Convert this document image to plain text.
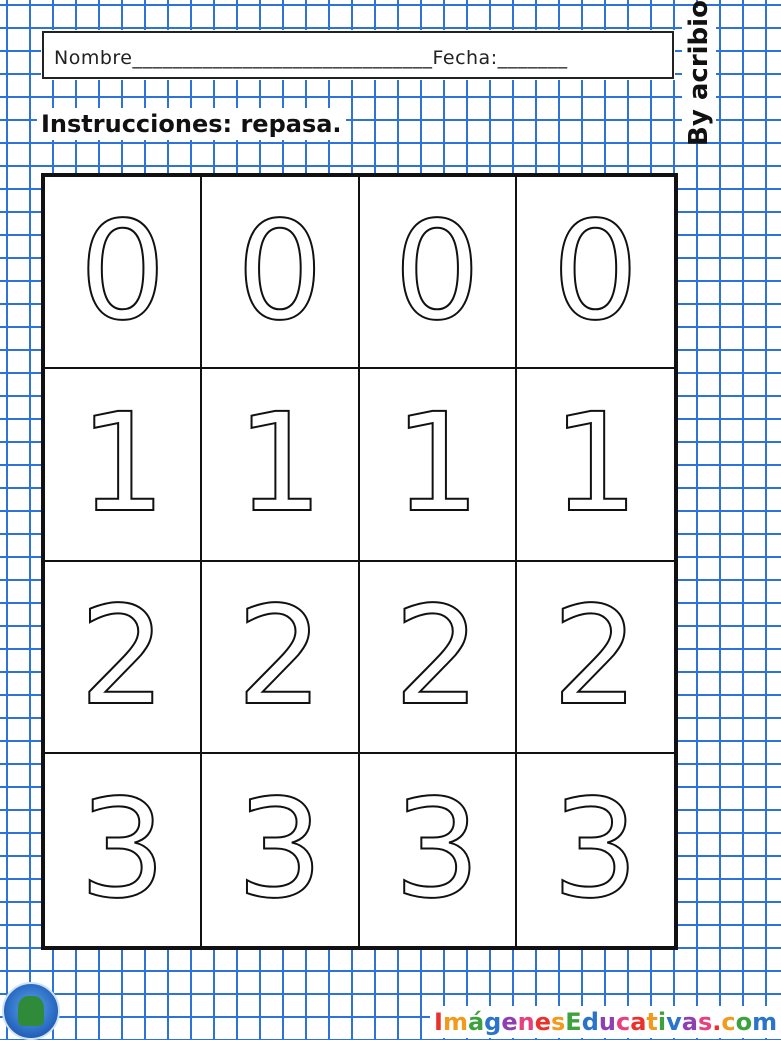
Nombre______________________________Fecha:_______
Instrucciones: repasa.	By acribio
0 0 0 0
1 1 1 1
2 2 2 2
3 3 3 3
ImágenesEducativas.com
